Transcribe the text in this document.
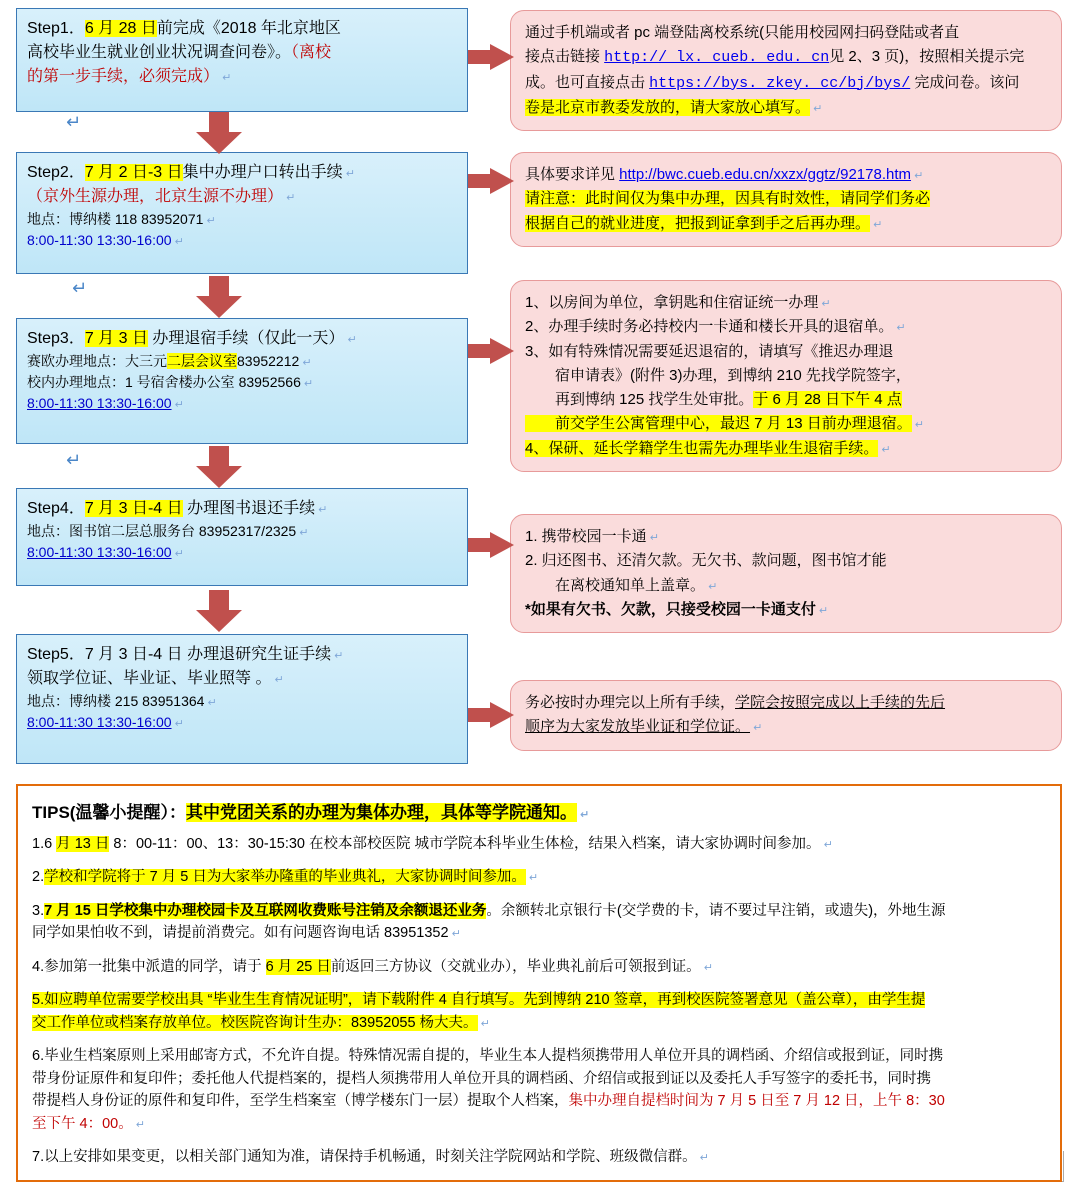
Step1．6 月 28 日前完成《2018 年北京地区
高校毕业生就业创业状况调查问卷》。（离校
的第一步手续，必须完成） ↵
Step2．7 月 2 日-3 日集中办理户口转出手续 ↵
（京外生源办理，北京生源不办理） ↵
地点：博纳楼 118 83952071 ↵
8:00-11:30 13:30-16:00 ↵
Step3．7 月 3 日 办理退宿手续（仅此一天） ↵
赛欧办理地点：大三元二层会议室83952212 ↵
校内办理地点：1 号宿舍楼办公室 83952566 ↵
8:00-11:30 13:30-16:00 ↵
Step4．7 月 3 日-4 日 办理图书退还手续 ↵
地点：图书馆二层总服务台 83952317/2325 ↵
8:00-11:30 13:30-16:00 ↵
Step5．7 月 3 日-4 日 办理退研究生证手续 ↵
领取学位证、毕业证、毕业照等 。 ↵
地点：博纳楼 215 83951364 ↵
8:00-11:30 13:30-16:00 ↵
通过手机端或者 pc 端登陆离校系统(只能用校园网扫码登陆或者直
接点击链接 http:// lx. cueb. edu. cn见 2、3 页)，按照相关提示完
成。也可直接点击 https://bys. zkey. cc/bj/bys/ 完成问卷。该问
卷是北京市教委发放的，请大家放心填写。 ↵
具体要求详见 http://bwc.cueb.edu.cn/xxzx/ggtz/92178.htm ↵
请注意：此时间仅为集中办理，因具有时效性，请同学们务必
根据自己的就业进度，把报到证拿到手之后再办理。 ↵
1、以房间为单位，拿钥匙和住宿证统一办理 ↵
2、办理手续时务必持校内一卡通和楼长开具的退宿单。 ↵
3、如有特殊情况需要延迟退宿的，请填写《推迟办理退
　　宿申请表》(附件 3)办理，到博纳 210 先找学院签字，
　　再到博纳 125 找学生处审批。于 6 月 28 日下午 4 点
　　前交学生公寓管理中心，最迟 7 月 13 日前办理退宿。 ↵
4、保研、延长学籍学生也需先办理毕业生退宿手续。 ↵
1. 携带校园一卡通 ↵
2. 归还图书、还清欠款。无欠书、款问题，图书馆才能
　　在离校通知单上盖章。 ↵
*如果有欠书、欠款，只接受校园一卡通支付 ↵
务必按时办理完以上所有手续，学院会按照完成以上手续的先后
顺序为大家发放毕业证和学位证。 ↵
↵
↵
↵
TIPS(温馨小提醒）：其中党团关系的办理为集体办理，具体等学院通知。 ↵

1.6 月 13 日 8：00-11：00、13：30-15:30 在校本部校医院 城市学院本科毕业生体检，结果入档案，请大家协调时间参加。 ↵

2.学校和学院将于 7 月 5 日为大家举办隆重的毕业典礼，大家协调时间参加。 ↵

3.7 月 15 日学校集中办理校园卡及互联网收费账号注销及余额退还业务。余额转北京银行卡(交学费的卡，请不要过早注销，或遗失)，外地生源
同学如果怕收不到，请提前消费完。如有问题咨询电话 83951352 ↵

4.参加第一批集中派遣的同学，请于 6 月 25 日前返回三方协议（交就业办），毕业典礼前后可领报到证。 ↵

5.如应聘单位需要学校出具 “毕业生生育情况证明”，请下载附件 4 自行填写。先到博纳 210 签章，再到校医院签署意见（盖公章），由学生提
交工作单位或档案存放单位。校医院咨询计生办：83952055 杨大夫。 ↵

6.毕业生档案原则上采用邮寄方式，不允许自提。特殊情况需自提的，毕业生本人提档须携带用人单位开具的调档函、介绍信或报到证，同时携
带身份证原件和复印件；委托他人代提档案的，提档人须携带用人单位开具的调档函、介绍信或报到证以及委托人手写签字的委托书，同时携
带提档人身份证的原件和复印件，至学生档案室（博学楼东门一层）提取个人档案，集中办理自提档时间为 7 月 5 日至 7 月 12 日，上午 8：30
至下午 4：00。 ↵

7.以上安排如果变更，以相关部门通知为准，请保持手机畅通，时刻关注学院网站和学院、班级微信群。 ↵
